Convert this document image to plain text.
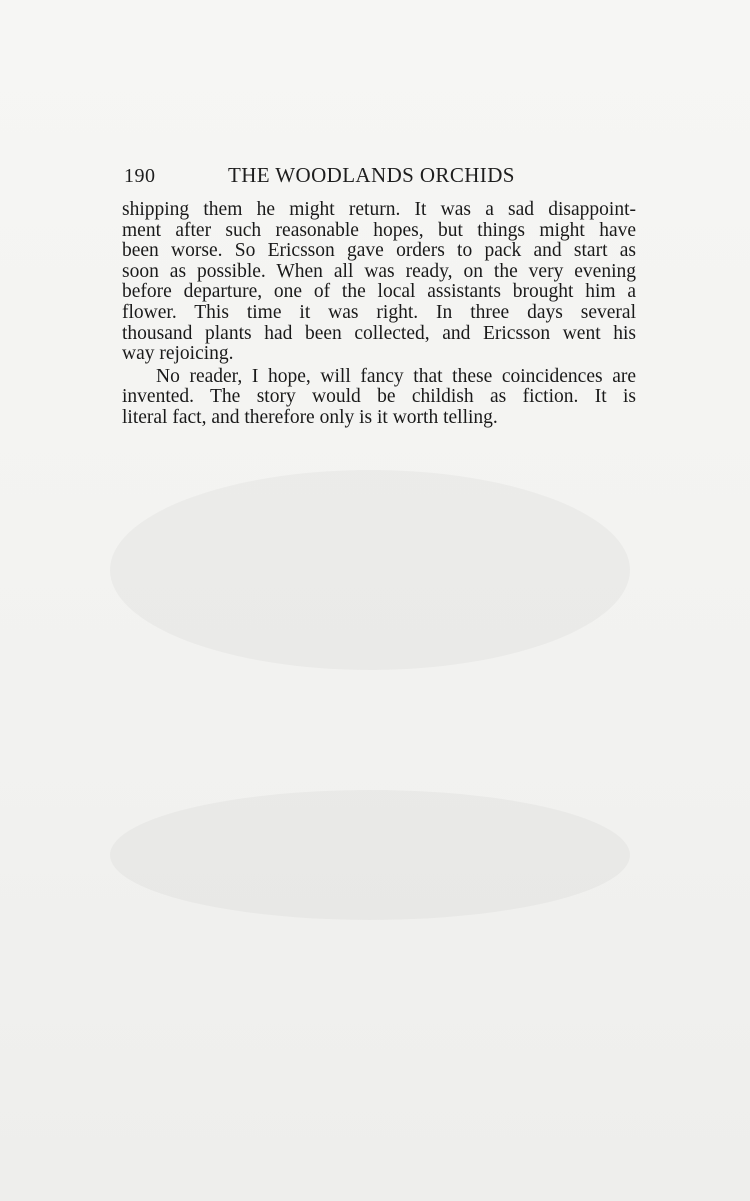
190	THE WOODLANDS ORCHIDS

shipping them he might return. It was a sad disappoint-
ment after such reasonable hopes, but things might have
been worse. So Ericsson gave orders to pack and start as
soon as possible. When all was ready, on the very evening
before departure, one of the local assistants brought him a
flower. This time it was right. In three days several
thousand plants had been collected, and Ericsson went his
way rejoicing.

No reader, I hope, will fancy that these coincidences are
invented. The story would be childish as fiction. It is
literal fact, and therefore only is it worth telling.
